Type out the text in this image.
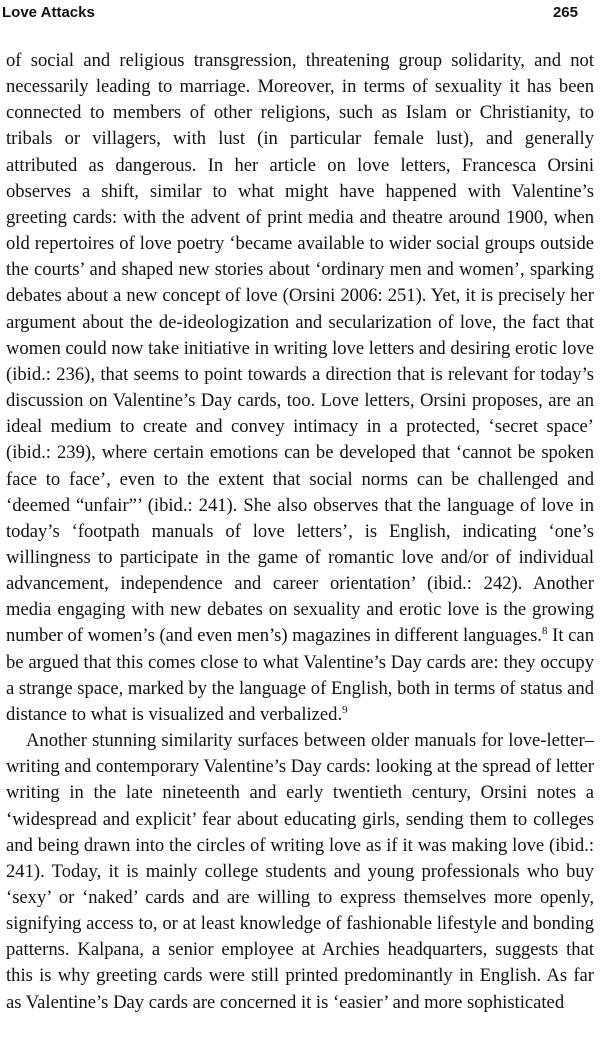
Love Attacks	265

of social and religious transgression, threatening group solidarity, and not necessarily leading to marriage. Moreover, in terms of sexuality it has been connected to members of other religions, such as Islam or Christianity, to tribals or villagers, with lust (in particular female lust), and generally attributed as dangerous. In her article on love letters, Francesca Orsini observes a shift, similar to what might have happened with Valentine’s greeting cards: with the advent of print media and theatre around 1900, when old repertoires of love poetry ‘became available to wider social groups outside the courts’ and shaped new stories about ‘ordinary men and women’, sparking debates about a new concept of love (Orsini 2006: 251). Yet, it is precisely her argument about the de-ideologization and secularization of love, the fact that women could now take initiative in writing love letters and desiring erotic love (ibid.: 236), that seems to point towards a direction that is relevant for today’s discussion on Valentine’s Day cards, too. Love letters, Orsini proposes, are an ideal medium to create and convey intimacy in a protected, ‘secret space’ (ibid.: 239), where certain emotions can be developed that ‘cannot be spoken face to face’, even to the extent that social norms can be challenged and ‘deemed “unfair”’ (ibid.: 241). She also observes that the language of love in today’s ‘footpath manuals of love letters’, is English, indicating ‘one’s willingness to participate in the game of romantic love and/or of individual advancement, independence and career orientation’ (ibid.: 242). Another media engaging with new debates on sexuality and erotic love is the growing number of women’s (and even men’s) magazines in different languages.$^8$ It can be argued that this comes close to what Valentine’s Day cards are: they occupy a strange space, marked by the language of English, both in terms of status and distance to what is visualized and verbalized.$^9$

Another stunning similarity surfaces between older manuals for love-letter–writing and contemporary Valentine’s Day cards: looking at the spread of letter writing in the late nineteenth and early twentieth century, Orsini notes a ‘widespread and explicit’ fear about educating girls, sending them to colleges and being drawn into the circles of writing love as if it was making love (ibid.: 241). Today, it is mainly college students and young professionals who buy ‘sexy’ or ‘naked’ cards and are willing to express themselves more openly, signifying access to, or at least knowledge of fashionable lifestyle and bonding patterns. Kalpana, a senior employee at Archies headquarters, suggests that this is why greeting cards were still printed predominantly in English. As far as Valentine’s Day cards are concerned it is ‘easier’ and more sophisticated
